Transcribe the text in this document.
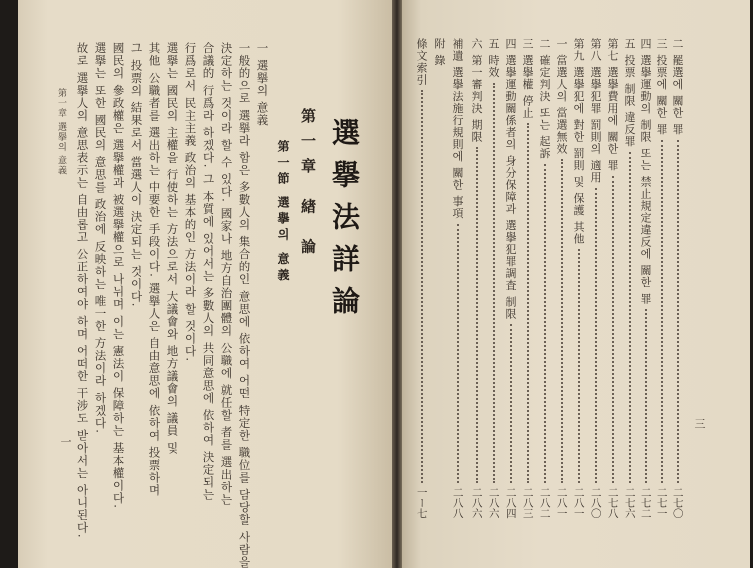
選擧法詳論
第一章 緖 論
第一節 選擧의 意義
一 選擧의 意義
一般的으로 選擧라 함은 多數人의 集合的인 意思에 依하여 어떤 特定한 職位를 담당할 사람을
決定하는 것이라 할 수 있다. 國家나 地方自治團體의 公職에 就任할 者를 選出하는
合議的 行爲라 하겠다. 그 本質에 있어서는 多數人의 共同意思에 依하여 決定되는
行爲로서 民主主義 政治의 基本的인 方法이라 할 것이다.
選擧는 國民의 主權을 行使하는 方法으로서 大議會와 地方議會의 議員 및
其他 公職者를 選出하는 中要한 手段이다. 選擧人은 自由意思에 依하여 投票하며
그 投票의 結果로서 當選人이 決定되는 것이다.
國民의 參政權은 選擧權과 被選擧權으로 나뉘며 이는 憲法이 保障하는 基本權이다.
選擧는 또한 國民의 意思를 政治에 反映하는 唯一한 方法이라 하겠다.
故로 選擧人의 意思表示는 自由롭고 公正하여야 하며 어떠한 干涉도 받아서는 아니된다.
第一章 選擧의 意義
一
三
二 罷選에 關한 罪
二七〇
三 投票에 關한 罪
二七一
四 選擧運動의 制限 또는 禁止規定違反에 關한 罪
二七二
五 投票 制限 違反罪
二七六
第七 選擧費用에 關한 罪
二七八
第八 選擧犯罪 罰則의 適用
二八〇
第九 選擧犯에 對한 罰則 및 保護 其他
二八一
一 當選人의 當選無效
二八一
二 確定判決 또는 起訴
二八二
三 選擧權 停止
二八三
四 選擧運動關係者의 身分保障과 選擧犯罪調査 制限
二八四
五 時效
二八六
六 第一審判決 期限
二八六
補遺 選擧法施行規則에 關한 事項
二八八
附 錄
條文索引
一ー七
